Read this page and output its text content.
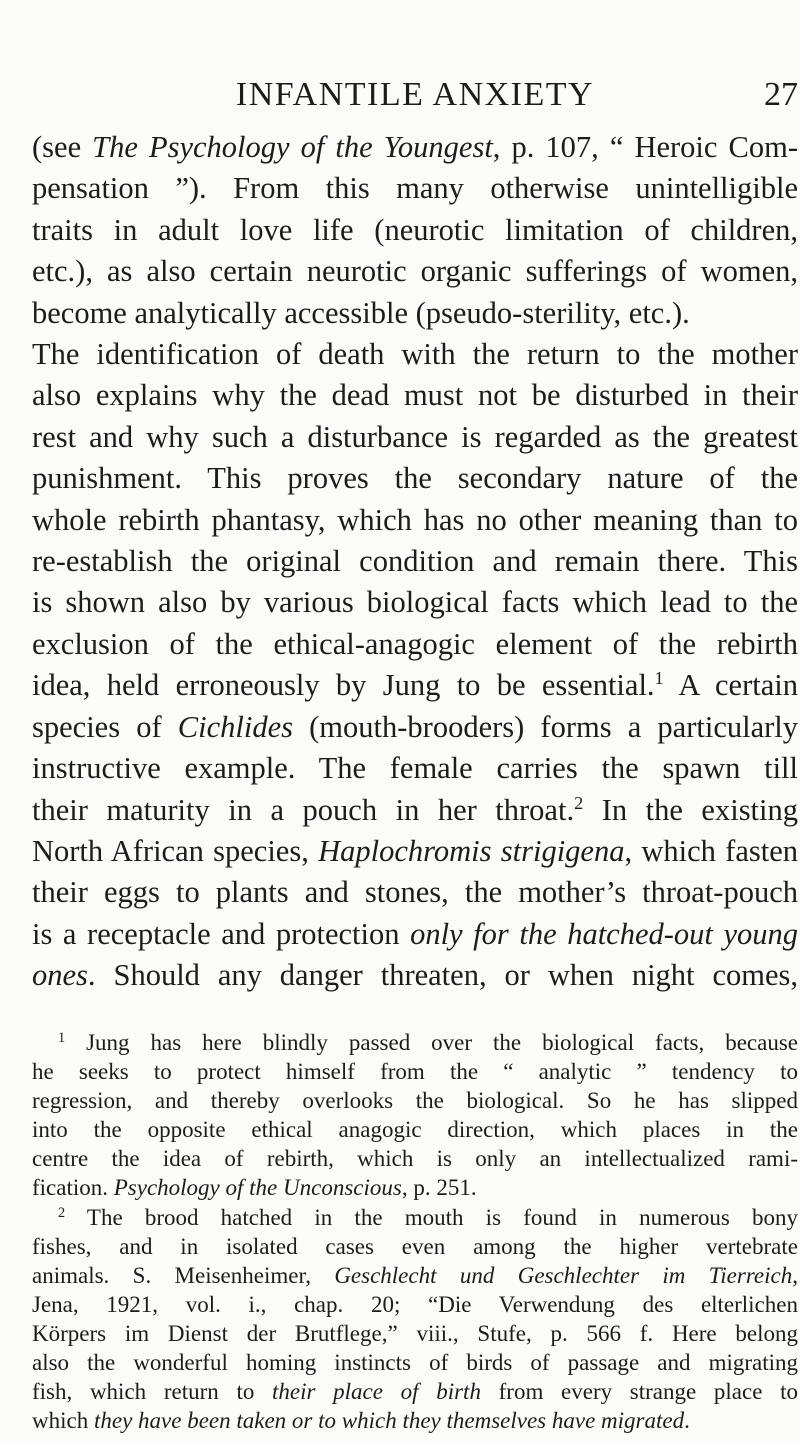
INFANTILE ANXIETY	27
(see The Psychology of the Youngest, p. 107, “ Heroic Com-
pensation ”). From this many otherwise unintelligible
traits in adult love life (neurotic limitation of children,
etc.), as also certain neurotic organic sufferings of women,
become analytically accessible (pseudo-sterility, etc.).
The identification of death with the return to the mother
also explains why the dead must not be disturbed in their
rest and why such a disturbance is regarded as the greatest
punishment. This proves the secondary nature of the
whole rebirth phantasy, which has no other meaning than to
re-establish the original condition and remain there. This
is shown also by various biological facts which lead to the
exclusion of the ethical-anagogic element of the rebirth
idea, held erroneously by Jung to be essential.$^1$ A certain
species of Cichlides (mouth-brooders) forms a particularly
instructive example. The female carries the spawn till
their maturity in a pouch in her throat.$^2$ In the existing
North African species, Haplochromis strigigena, which fasten
their eggs to plants and stones, the mother’s throat-pouch
is a receptacle and protection only for the hatched-out young
ones. Should any danger threaten, or when night comes,
$^1$ Jung has here blindly passed over the biological facts, because
he seeks to protect himself from the “ analytic ” tendency to
regression, and thereby overlooks the biological. So he has slipped
into the opposite ethical anagogic direction, which places in the
centre the idea of rebirth, which is only an intellectualized rami-
fication. Psychology of the Unconscious, p. 251.
$^2$ The brood hatched in the mouth is found in numerous bony
fishes, and in isolated cases even among the higher vertebrate
animals. S. Meisenheimer, Geschlecht und Geschlechter im Tierreich,
Jena, 1921, vol. i., chap. 20; “Die Verwendung des elterlichen
Körpers im Dienst der Brutflege,” viii., Stufe, p. 566 f. Here belong
also the wonderful homing instincts of birds of passage and migrating
fish, which return to their place of birth from every strange place to
which they have been taken or to which they themselves have migrated.
